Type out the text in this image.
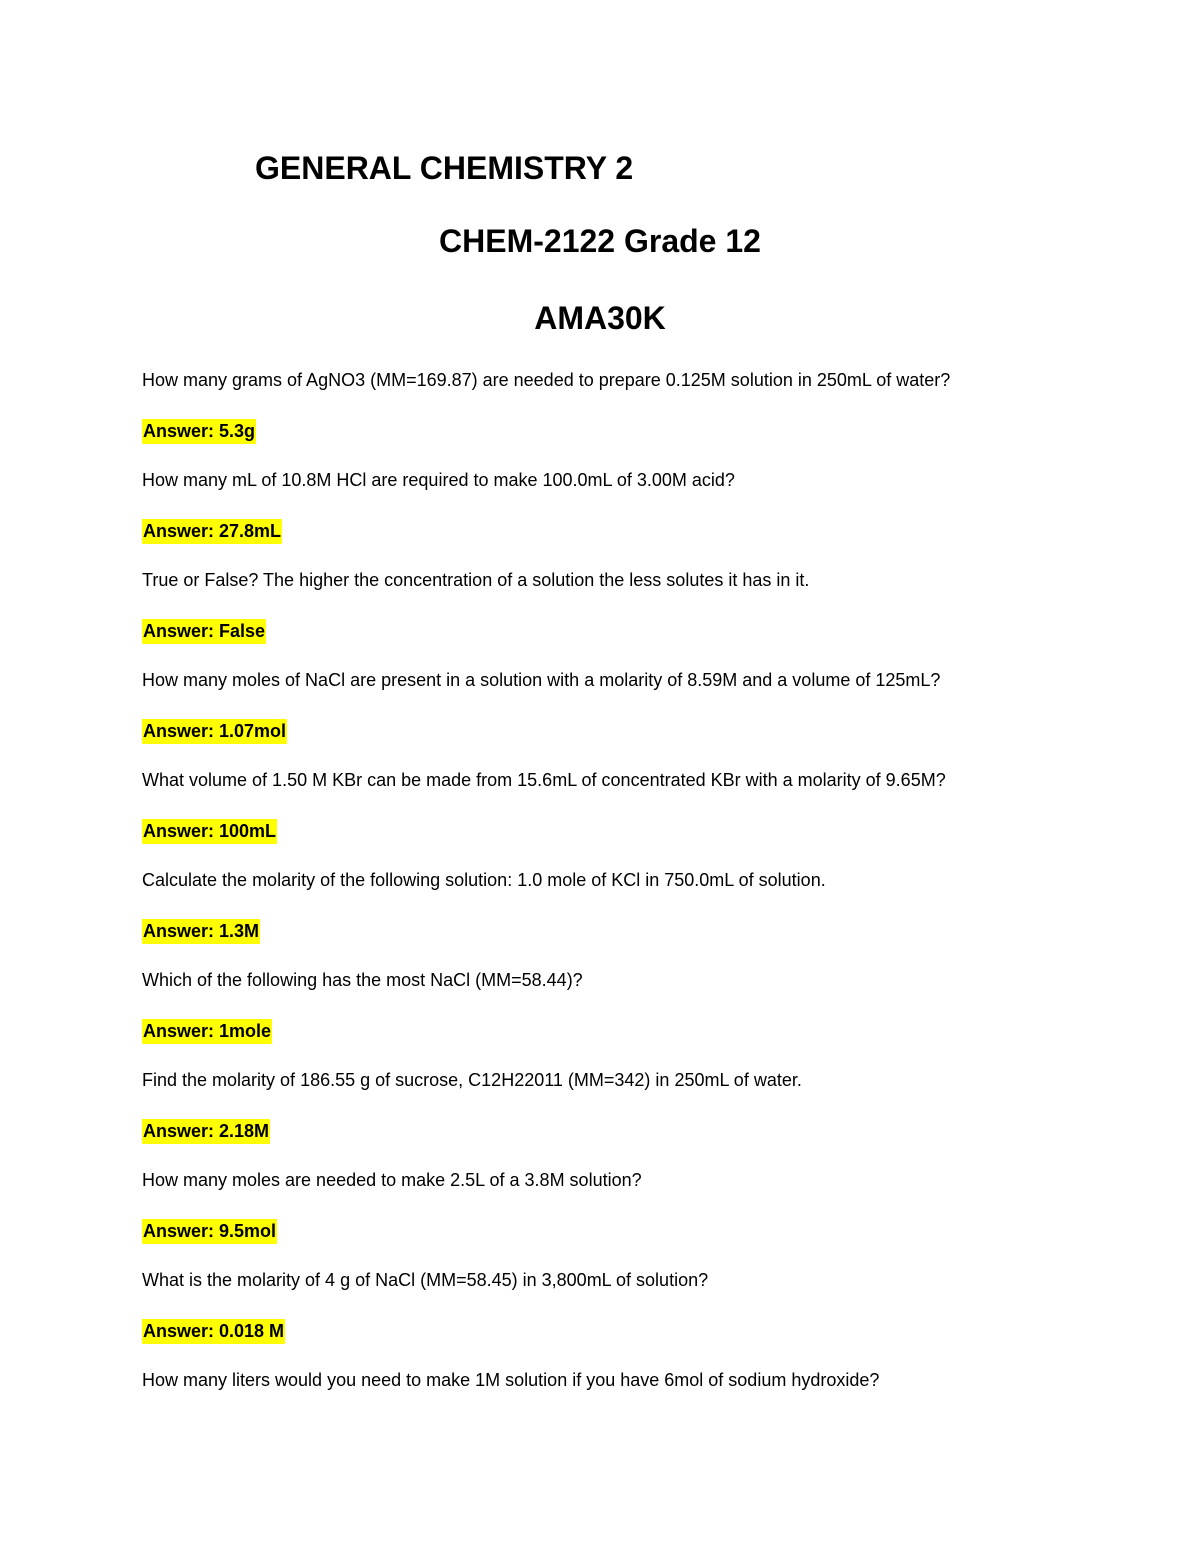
GENERAL CHEMISTRY 2
CHEM-2122 Grade 12
AMA30K
How many grams of AgNO3 (MM=169.87) are needed to prepare 0.125M solution in 250mL of water?
Answer: 5.3g
How many mL of 10.8M HCl are required to make 100.0mL of 3.00M acid?
Answer: 27.8mL
True or False? The higher the concentration of a solution the less solutes it has in it.
Answer: False
How many moles of NaCl are present in a solution with a molarity of 8.59M and a volume of 125mL?
Answer: 1.07mol
What volume of 1.50 M KBr can be made from 15.6mL of concentrated KBr with a molarity of 9.65M?
Answer: 100mL
Calculate the molarity of the following solution: 1.0 mole of KCl in 750.0mL of solution.
Answer: 1.3M
Which of the following has the most NaCl (MM=58.44)?
Answer: 1mole
Find the molarity of 186.55 g of sucrose, C12H22011 (MM=342) in 250mL of water.
Answer: 2.18M
How many moles are needed to make 2.5L of a 3.8M solution?
Answer: 9.5mol
What is the molarity of 4 g of NaCl (MM=58.45) in 3,800mL of solution?
Answer: 0.018 M
How many liters would you need to make 1M solution if you have 6mol of sodium hydroxide?
